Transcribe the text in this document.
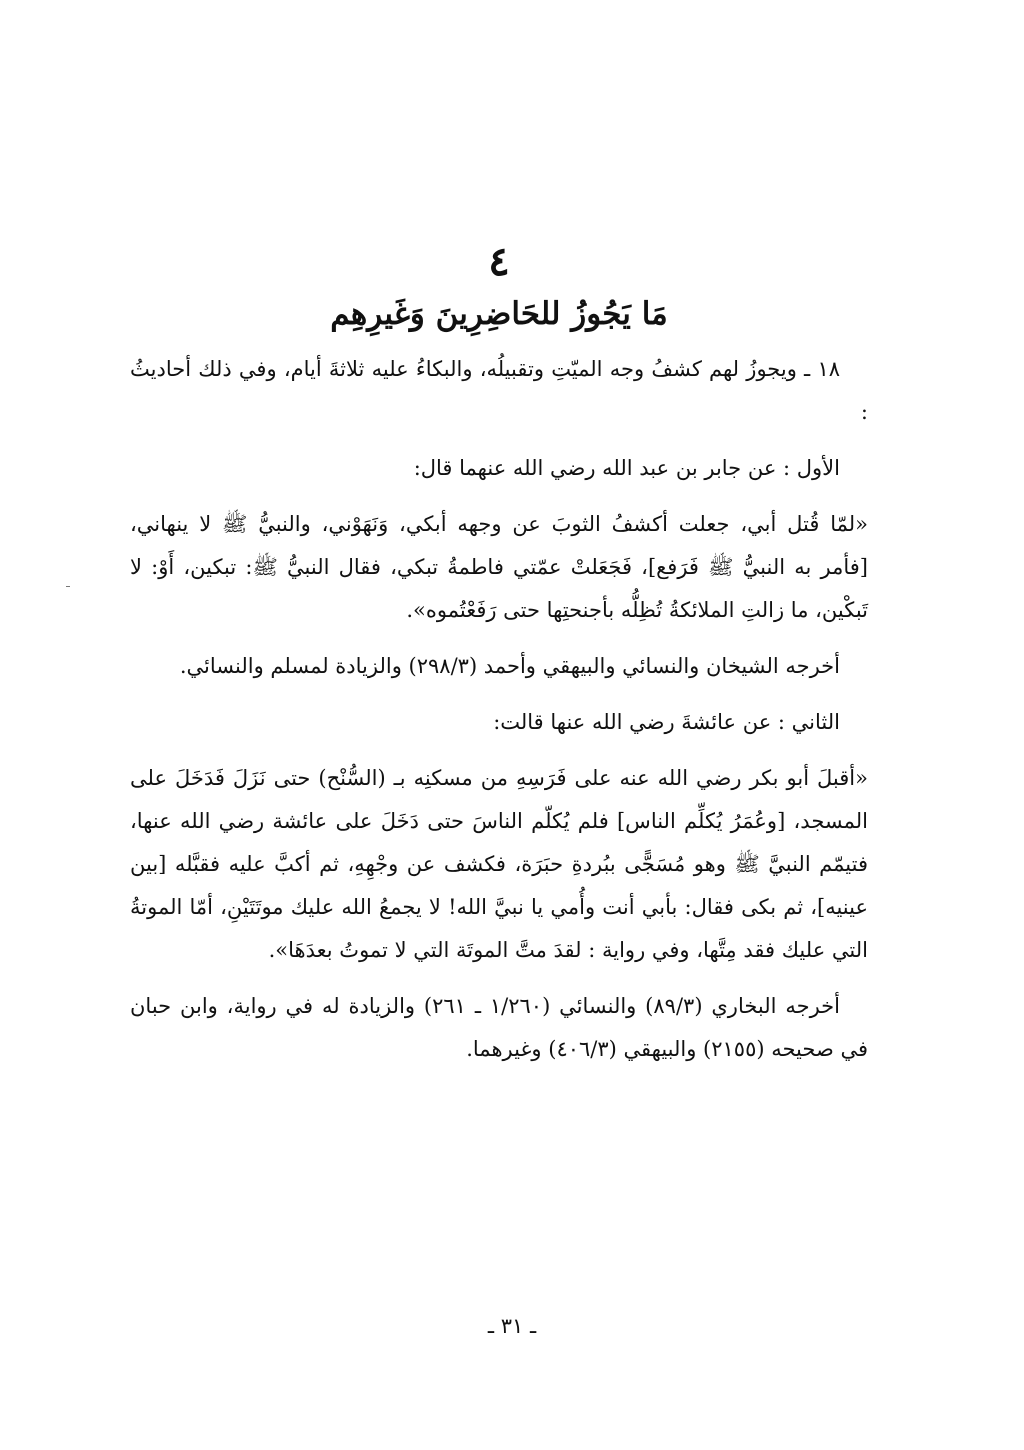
٤
مَا يَجُوزُ للحَاضِرِينَ وَغَيرِهِم

١٨ ـ ويجوزُ لهم كشفُ وجه الميّتِ وتقبيلُه، والبكاءُ عليه ثلاثةَ أيام، وفي ذلك أحاديثُ :

الأول : عن جابر بن عبد الله رضي الله عنهما قال:

«لمّا قُتل أبي، جعلت أكشفُ الثوبَ عن وجهه أبكي، وَنَهَوْني، والنبيُّ ﷺ لا ينهاني، [فأمر به النبيُّ ﷺ فَرَفع]، فَجَعَلتْ عمّتي فاطمةُ تبكي، فقال النبيُّ ﷺ: تبكين، أَوْ: لا تَبكْين، ما زالتِ الملائكةُ تُظِلُّه بأجنحتِها حتى رَفَعْتُموه».

أخرجه الشيخان والنسائي والبيهقي وأحمد (٢٩٨/٣) والزيادة لمسلم والنسائي.

الثاني : عن عائشةَ رضي الله عنها قالت:

«أقبلَ أبو بكر رضي الله عنه على فَرَسِهِ من مسكنِه بـ (السُّنْح) حتى نَزَلَ فَدَخَلَ على المسجد، [وعُمَرُ يُكلِّم الناس] فلم يُكلّم الناسَ حتى دَخَلَ على عائشة رضي الله عنها، فتيمّم النبيَّ ﷺ وهو مُسَجًّى ببُردةِ حبَرَة، فكشف عن وجْهِهِ، ثم أكبَّ عليه فقبَّله [بين عينيه]، ثم بكى فقال: بأبي أنت وأُمي يا نبيَّ الله! لا يجمعُ الله عليك موتَتَيْنِ، أمّا الموتةُ التي عليك فقد مِتَّها، وفي رواية : لقدَ متَّ الموتَة التي لا تموتُ بعدَهَا».

أخرجه البخاري (٨٩/٣) والنسائي (١/٢٦٠ ـ ٢٦١) والزيادة له في رواية، وابن حبان في صحيحه (٢١٥٥) والبيهقي (٤٠٦/٣) وغيرهما.

ـ ٣١ ـ
